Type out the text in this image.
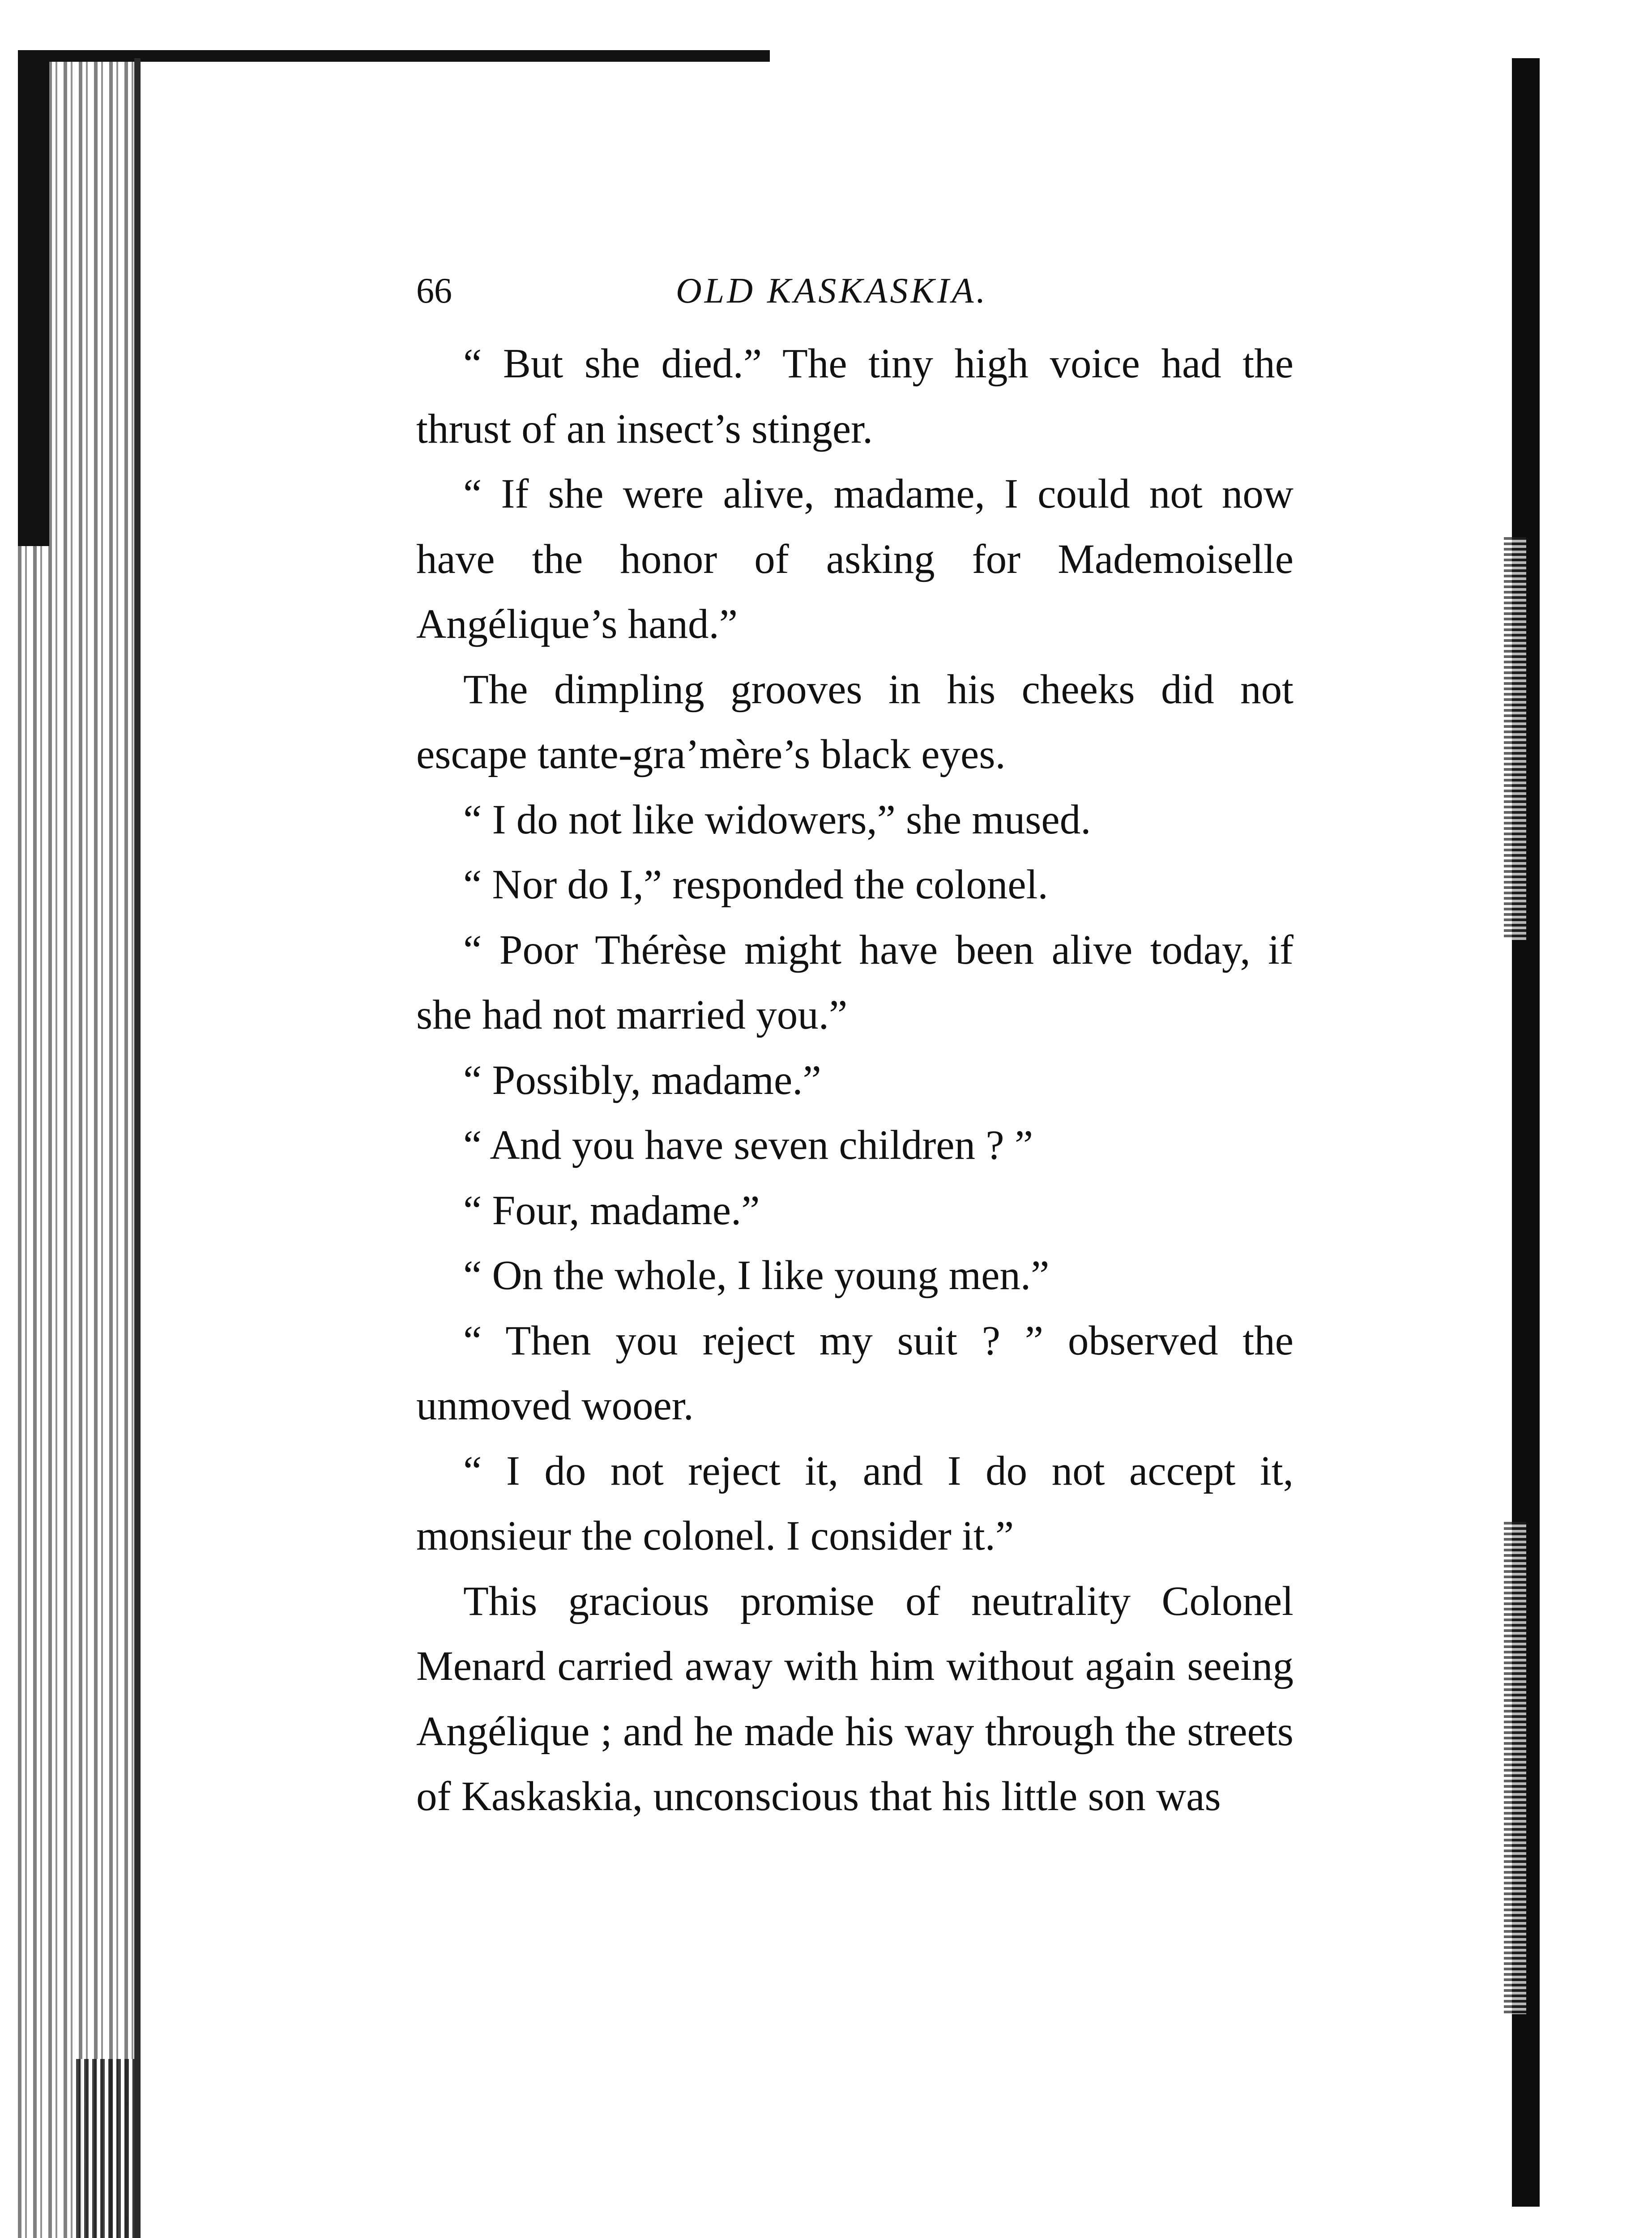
66	OLD KASKASKIA.

“ But she died.” The tiny high voice had the thrust of an insect’s stinger.

“ If she were alive, madame, I could not now have the honor of asking for Mademoiselle Angélique’s hand.”

The dimpling grooves in his cheeks did not escape tante-gra’mère’s black eyes.

“ I do not like widowers,” she mused.

“ Nor do I,” responded the colonel.

“ Poor Thérèse might have been alive today, if she had not married you.”

“ Possibly, madame.”

“ And you have seven children ? ”

“ Four, madame.”

“ On the whole, I like young men.”

“ Then you reject my suit ? ” observed the unmoved wooer.

“ I do not reject it, and I do not accept it, monsieur the colonel. I consider it.”

This gracious promise of neutrality Colonel Menard carried away with him without again seeing Angélique ; and he made his way through the streets of Kaskaskia, unconscious that his little son was
